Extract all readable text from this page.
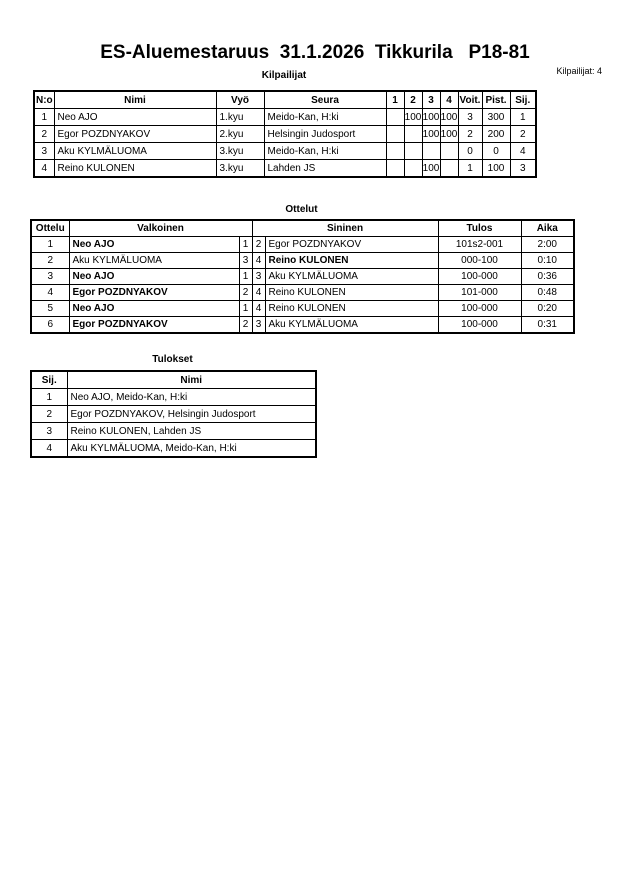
ES-Aluemestaruus  31.1.2026  Tikkurila   P18-81
Kilpailijat: 4
Kilpailijat
N:o	Nimi	Vyö	Seura	1	2	3	4	Voit.	Pist.	Sij.
1	Neo AJO	1.kyu	Meido-Kan, H:ki		100	100	100	3	300	1
2	Egor POZDNYAKOV	2.kyu	Helsingin Judosport			100	100	2	200	2
3	Aku KYLMÄLUOMA	3.kyu	Meido-Kan, H:ki					0	0	4
4	Reino KULONEN	3.kyu	Lahden JS			100		1	100	3
Ottelut
Ottelu	Valkoinen		Sininen		Tulos	Aika
1	Neo AJO	1	2	Egor POZDNYAKOV	101s2-001	2:00
2	Aku KYLMÄLUOMA	3	4	Reino KULONEN	000-100	0:10
3	Neo AJO	1	3	Aku KYLMÄLUOMA	100-000	0:36
4	Egor POZDNYAKOV	2	4	Reino KULONEN	101-000	0:48
5	Neo AJO	1	4	Reino KULONEN	100-000	0:20
6	Egor POZDNYAKOV	2	3	Aku KYLMÄLUOMA	100-000	0:31
Tulokset
Sij.	Nimi
1	Neo AJO, Meido-Kan, H:ki
2	Egor POZDNYAKOV, Helsingin Judosport
3	Reino KULONEN, Lahden JS
4	Aku KYLMÄLUOMA, Meido-Kan, H:ki
